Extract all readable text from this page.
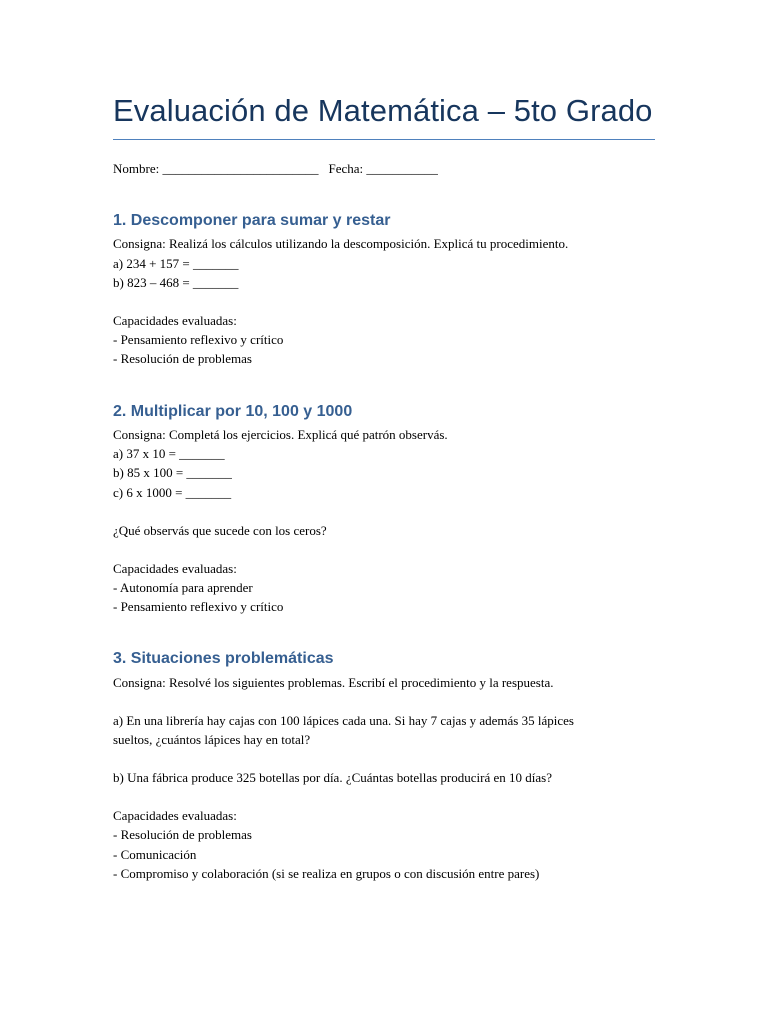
Evaluación de Matemática – 5to Grado

Nombre: ________________________ Fecha: ___________

1. Descomponer para sumar y restar

Consigna: Realizá los cálculos utilizando la descomposición. Explicá tu procedimiento.

a) 234 + 157 = _______

b) 823 – 468 = _______

Capacidades evaluadas:

- Pensamiento reflexivo y crítico

- Resolución de problemas

2. Multiplicar por 10, 100 y 1000

Consigna: Completá los ejercicios. Explicá qué patrón observás.

a) 37 x 10 = _______

b) 85 x 100 = _______

c) 6 x 1000 = _______

¿Qué observás que sucede con los ceros?

Capacidades evaluadas:

- Autonomía para aprender

- Pensamiento reflexivo y crítico

3. Situaciones problemáticas

Consigna: Resolvé los siguientes problemas. Escribí el procedimiento y la respuesta.

a) En una librería hay cajas con 100 lápices cada una. Si hay 7 cajas y además 35 lápices

sueltos, ¿cuántos lápices hay en total?

b) Una fábrica produce 325 botellas por día. ¿Cuántas botellas producirá en 10 días?

Capacidades evaluadas:

- Resolución de problemas

- Comunicación

- Compromiso y colaboración (si se realiza en grupos o con discusión entre pares)
